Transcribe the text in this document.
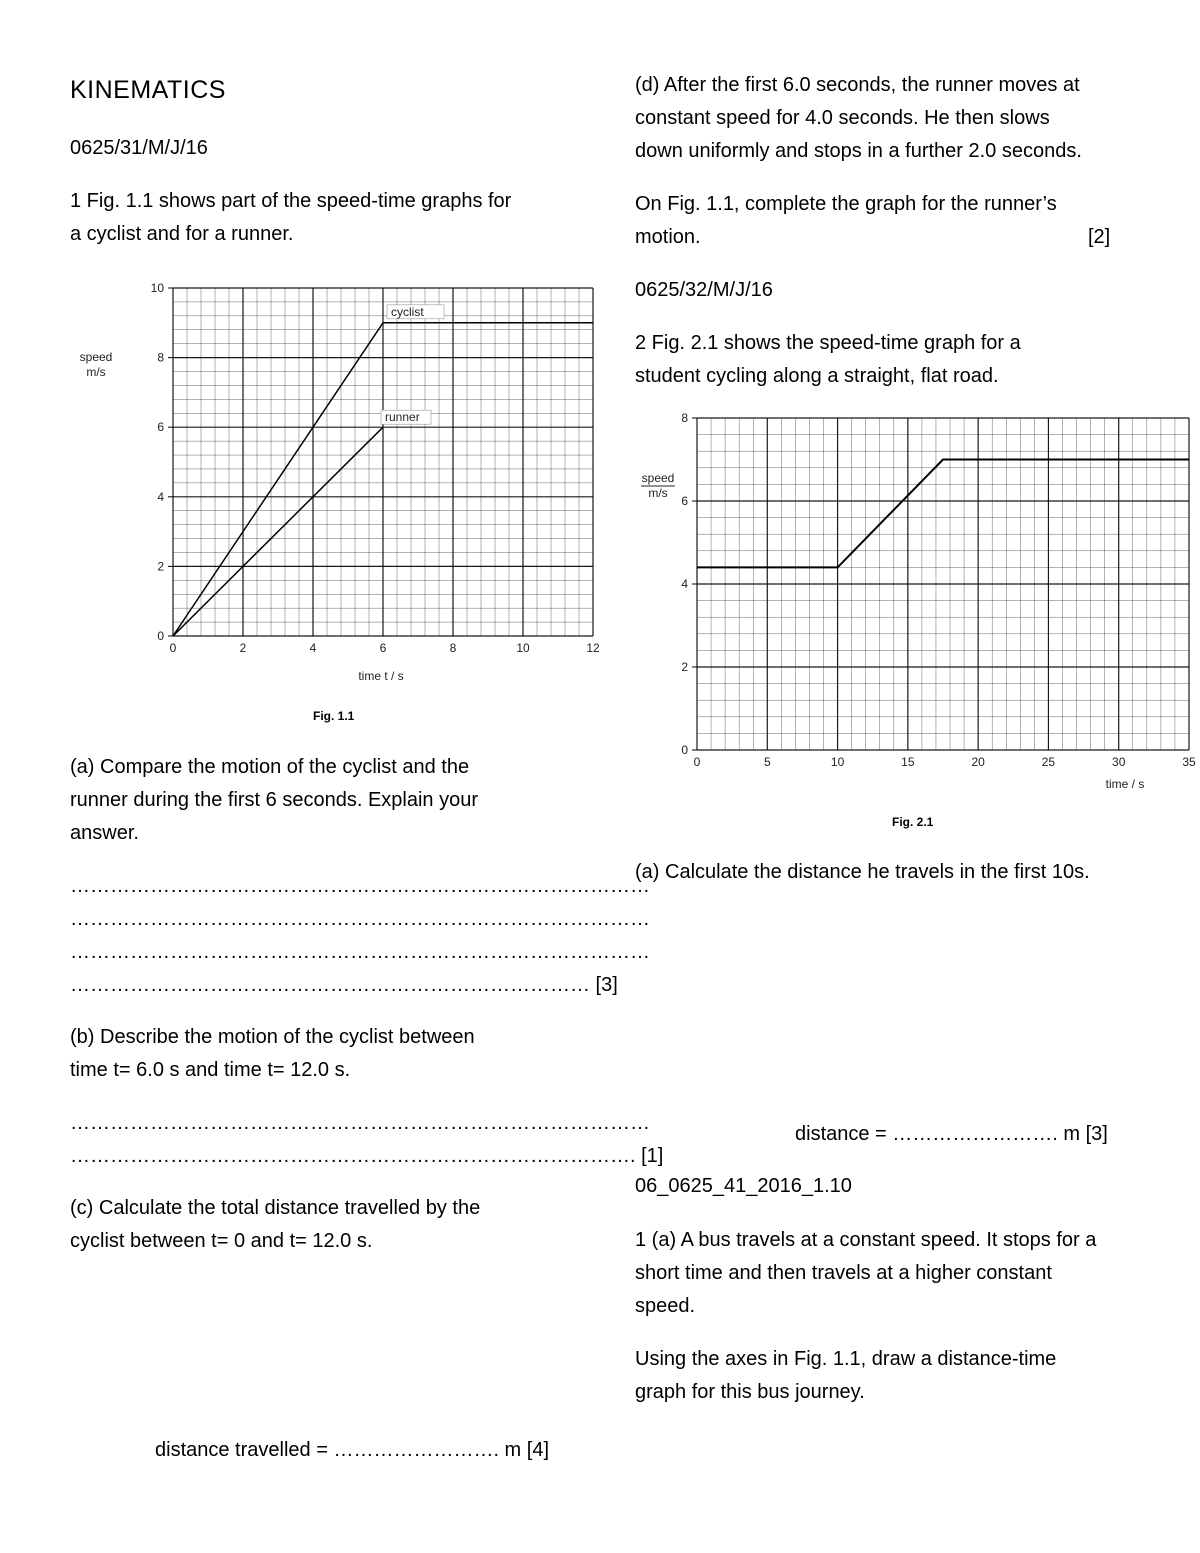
KINEMATICS
0625/31/M/J/16
1 Fig. 1.1 shows part of the speed-time graphs for
a cyclist and for a runner.
0	2	4	6	8	10	12
0
2
4
6
8
10
speed m/s
time t / s
cyclist
runner
Fig. 1.1
(a) Compare the motion of the cyclist and the
runner during the first 6 seconds. Explain your
answer.
……………………………………………………………………………
……………………………………………………………………………
……………………………………………………………………………
…………………………………………………………………… [3]
(b) Describe the motion of the cyclist between
time t= 6.0 s and time t= 12.0 s.
……………………………………………………………………………
…………………………………………………………………………. [1]
(c) Calculate the total distance travelled by the
cyclist between t= 0 and t= 12.0 s.
distance travelled = ……………………. m [4]
(d) After the first 6.0 seconds, the runner moves at
constant speed for 4.0 seconds. He then slows
down uniformly and stops in a further 2.0 seconds.
On Fig. 1.1, complete the graph for the runner’s
motion.	[2]
0625/32/M/J/16
2 Fig. 2.1 shows the speed-time graph for a
student cycling along a straight, flat road.
0	5	10	15	20	25	30	35
0
2
4
6
8
speed m/s
time / s
Fig. 2.1
(a) Calculate the distance he travels in the first 10s.
distance = ……………………. m [3]
06_0625_41_2016_1.10
1 (a) A bus travels at a constant speed. It stops for a
short time and then travels at a higher constant
speed.
Using the axes in Fig. 1.1, draw a distance-time
graph for this bus journey.
